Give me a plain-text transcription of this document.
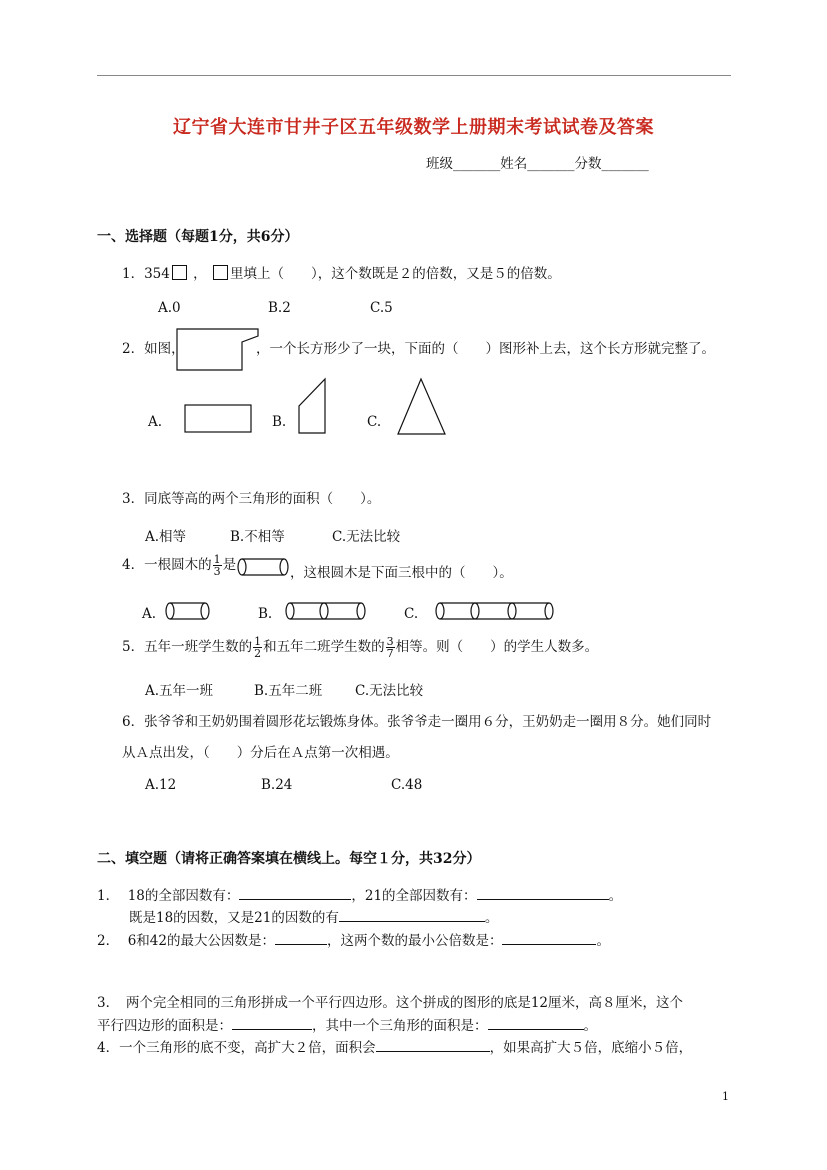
辽宁省大连市甘井子区五年级数学上册期末考试试卷及答案
班级_______姓名_______分数_______
一、选择题（每题1分，共6分）
1．354 ， 里填上（　　），这个数既是２的倍数，又是５的倍数。
A.0	B.2	C.5
2．如图，	，一个长方形少了一块，下面的（　　）图形补上去，这个长方形就完整了。
A.	B.	C.
3．同底等高的两个三角形的面积（　　）。
A.相等	B.不相等	C.无法比较
4．一根圆木的 $\frac{1}{3}$ 是	，这根圆木是下面三根中的（　　）。
A.	B.	C.
5．五年一班学生数的 $\frac{1}{2}$ 和五年二班学生数的 $\frac{3}{7}$ 相等。则（　　）的学生人数多。
A.五年一班	B.五年二班 C.无法比较
6．张爷爷和王奶奶围着圆形花坛锻炼身体。张爷爷走一圈用６分，王奶奶走一圈用８分。她们同时
从Ａ点出发，（　　）分后在Ａ点第一次相遇。
A.12	B.24	C.48
二、填空题（请将正确答案填在横线上。每空１分，共32分）
1． 18的全部因数有：	，21的全部因数有：	。
既是18的因数，又是21的因数的有	。
2． 6和42的最大公因数是：	，这两个数的最小公倍数是：	。
3．　两个完全相同的三角形拼成一个平行四边形。这个拼成的图形的底是12厘米，高８厘米，这个
平行四边形的面积是：	，其中一个三角形的面积是：	。
4．一个三角形的底不变，高扩大２倍，面积会	，如果高扩大５倍，底缩小５倍，
1
